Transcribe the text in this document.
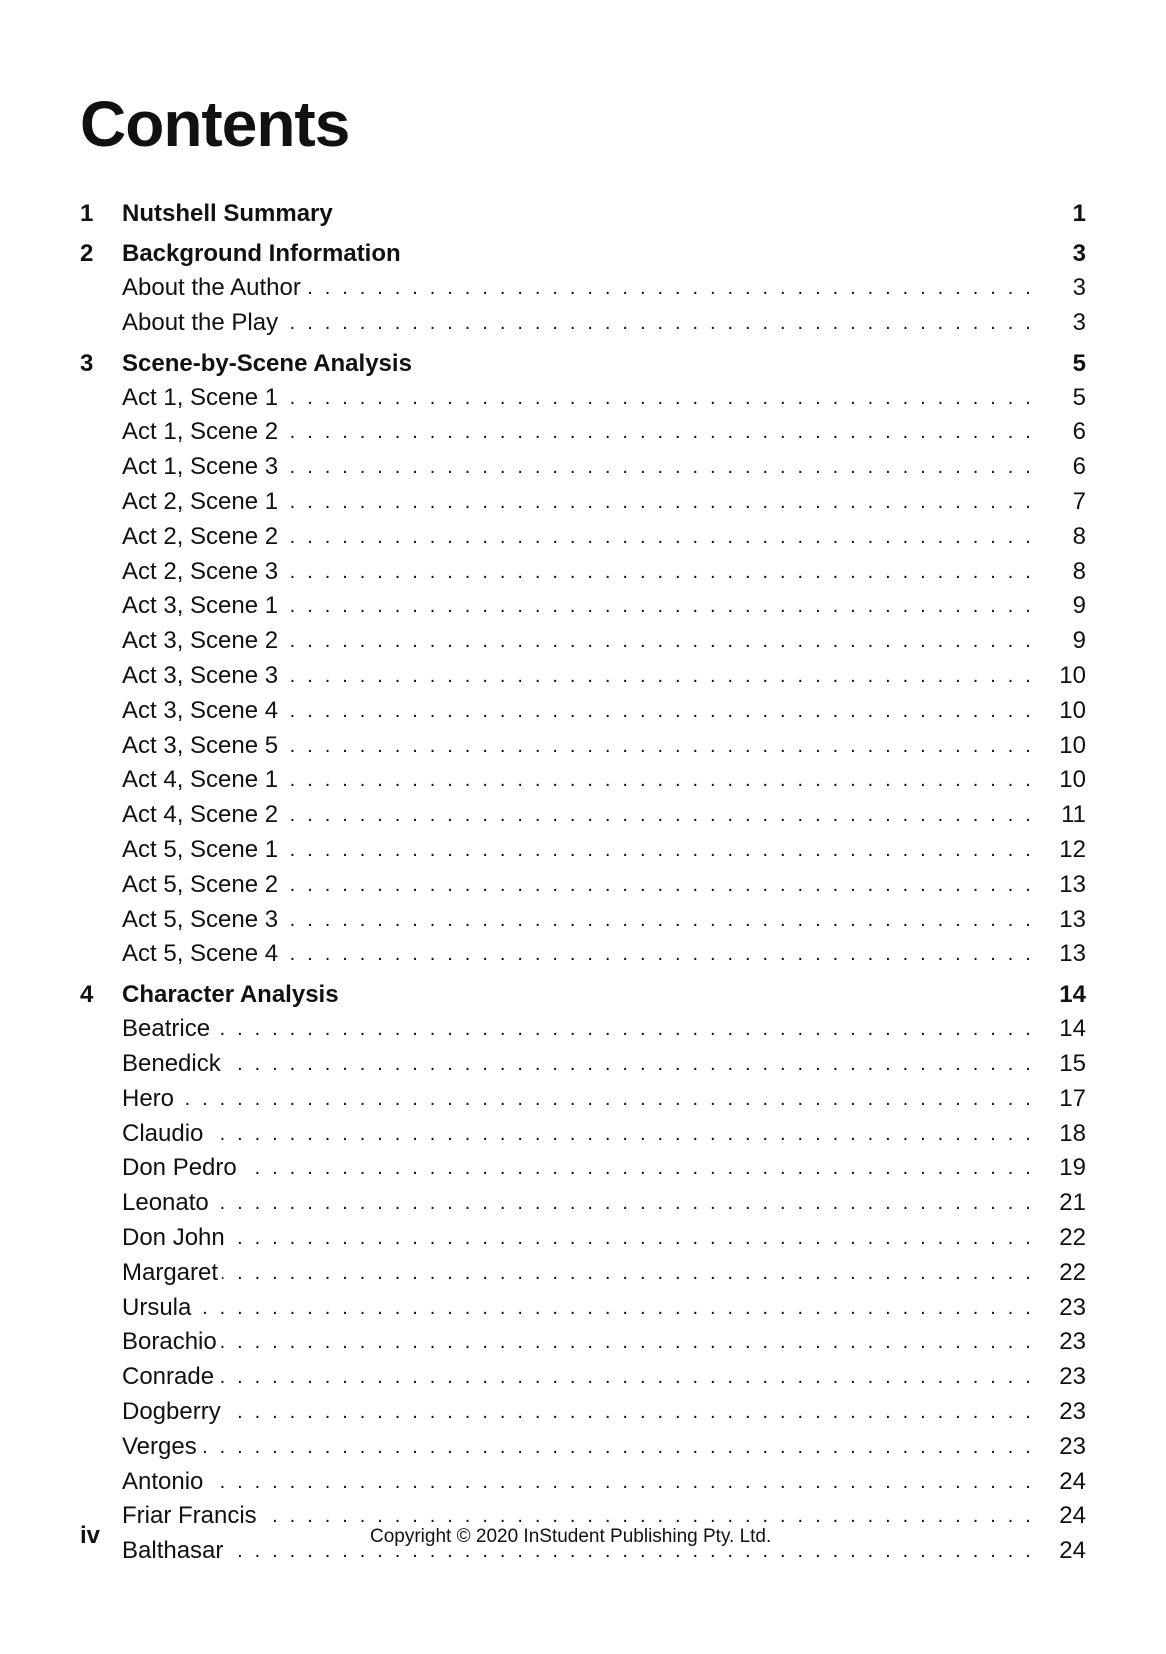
Contents
1 Nutshell Summary	1
2 Background Information	3
. . .
About the Author	3
. . .
About the Play	3
3 Scene-by-Scene Analysis	5
. . .
Act 1, Scene 1	5
. . .
Act 1, Scene 2	6
. . .
Act 1, Scene 3	6
. . .
Act 2, Scene 1	7
. . .
Act 2, Scene 2	8
. . .
Act 2, Scene 3	8
. . .
Act 3, Scene 1	9
. . .
Act 3, Scene 2	9
. . .
Act 3, Scene 3	10
. . .
Act 3, Scene 4	10
. . .
Act 3, Scene 5	10
. . .
Act 4, Scene 1	10
. . .
Act 4, Scene 2	11
. . .
Act 5, Scene 1	12
. . .
Act 5, Scene 2	13
. . .
Act 5, Scene 3	13
. . .
Act 5, Scene 4	13
4 Character Analysis	14
. . .
Beatrice	14
. . .
Benedick	15
. . .
Hero	17
. . .
Claudio	18
. . .
Don Pedro	19
. . .
Leonato	21
. . .
Don John	22
. . .
Margaret	22
. . .
Ursula	23
. . .
Borachio	23
. . .
Conrade	23
. . .
Dogberry	23
. . .
Verges	23
. . .
Antonio	24
. . .
Friar Francis	24
. . .
Balthasar	24
iv	Copyright © 2020 InStudent Publishing Pty. Ltd.
